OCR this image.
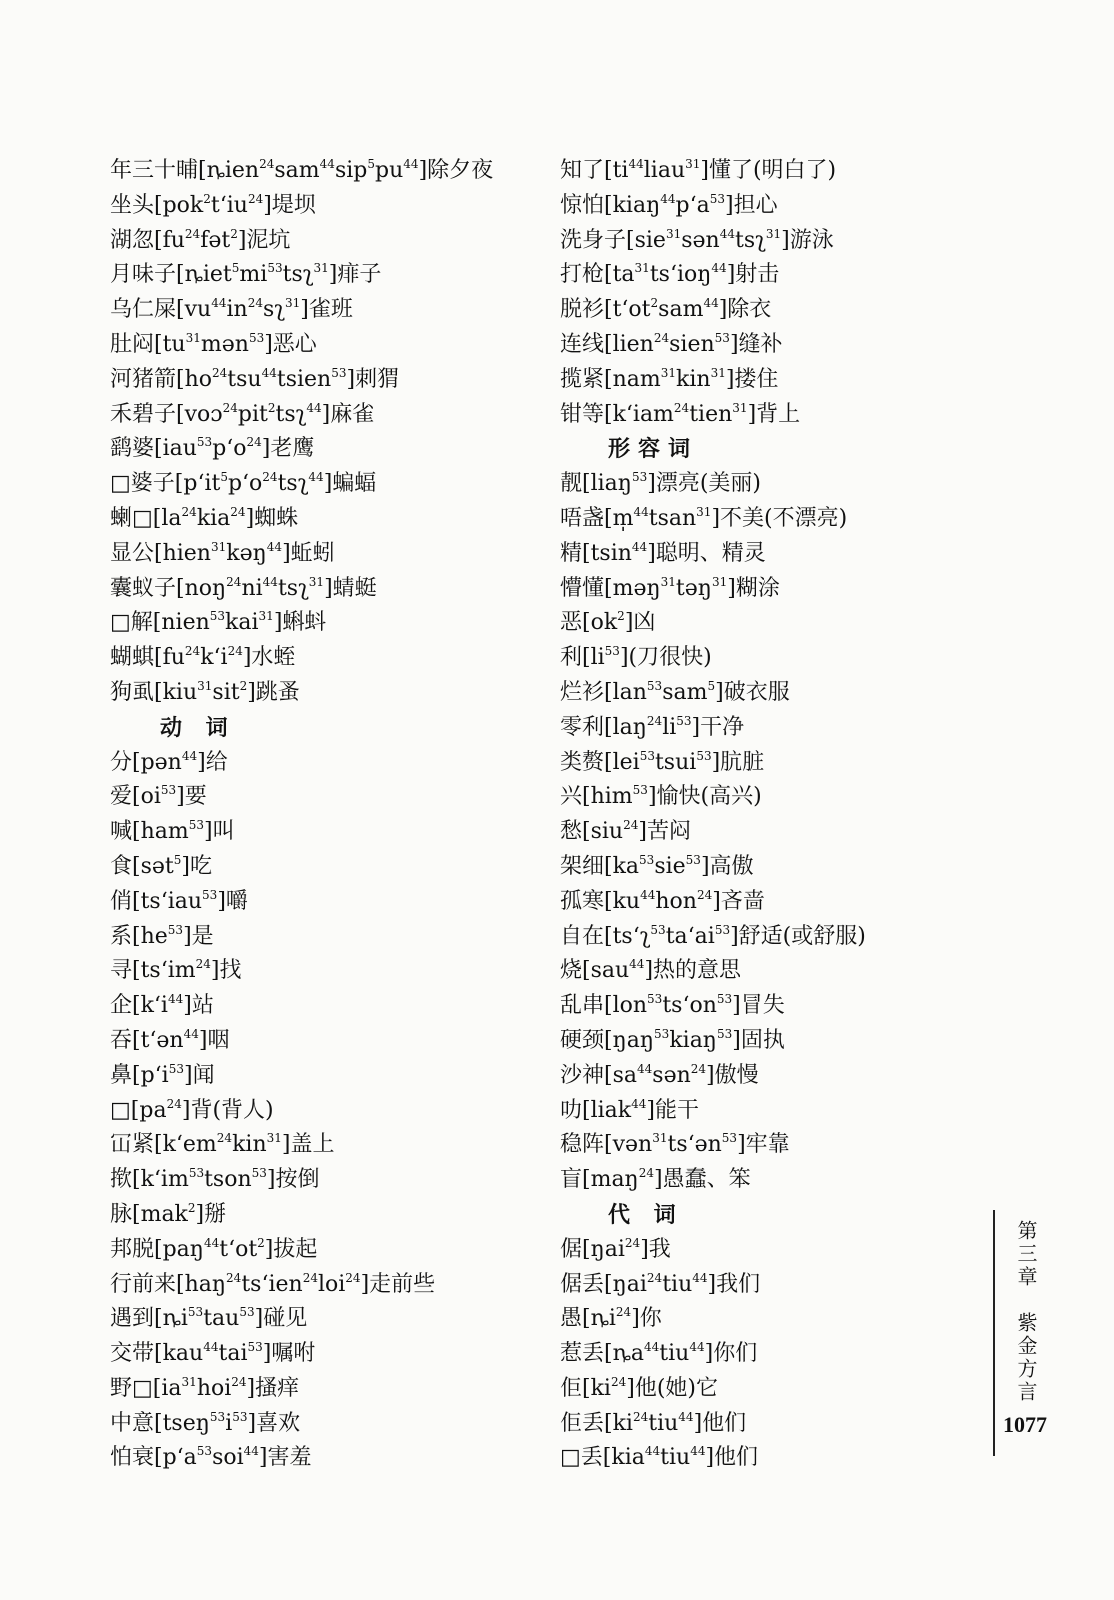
年三十晡$[ȵien^{24}sam^{44}sip^5pu^{44}]$除夕夜
坐头[pok$^2$tʻiu$^{24}$]堤坝
湖忽$[fu^{24}fət^2]$泥坑
月味子$[ȵiet^5mi^{53}tsʅ^{31}]$痱子
乌仁屎$[vu^{44}in^{24}sʅ^{31}]$雀班
肚闷$[tu^{31}mən^{53}]$恶心
河猪箭$[ho^{24}tsu^{44}tsien^{53}]$刺猬
禾碧子[voɔ$^{24}$pit$^2$tsʅ$^{44}$]麻雀
鹞婆[iau$^{53}$pʻo$^{24}$]老鹰
□婆子[pʻit$^5$pʻo$^{24}$tsʅ$^{44}$]蝙蝠
蝲$□[la^{24}kia^{24}]$蜘蛛
显公[hien$^{31}$kəŋ$^{44}$]蚯蚓
囊蚁子$[noŋ^{24}ni^{44}tsʅ^{31}]$蜻蜓
□解[nien$^{53}$kai$^{31}$]蝌蚪
蝴蜞$[fu^{24}kʻi^{24}]$水蛭
狗虱[kiu$^{31}$sit$^2$]跳蚤
动 词
分[pən$^{44}$]给
爱$[oi^{53}]$要
喊[ham$^{53}$]叫
食[sət$^5$]吃
俏[tsʻiau$^{53}$]嚼
系$[he^{53}]$是
寻[tsʻim$^{24}$]找
企[kʻi$^{44}$]站
吞[tʻən$^{44}$]咽
鼻[pʻi$^{53}$]闻
$□[pa^{24}]$背(背人)
冚紧[kʻem$^{24}$kin$^{31}$]盖上
揿[kʻim$^{53}$tson$^{53}$]按倒
脉[mak$^2$]掰
邦脱[paŋ$^{44}$tʻot$^2$]拔起
行前来[haŋ$^{24}$tsʻien$^{24}$loi$^{24}$]走前些
遇到$[ȵi^{53}tau^{53}]$碰见
交带[kau$^{44}$tai$^{53}$]嘱咐
野$□[ia^{31}hoi^{24}]$搔痒
中意$[tseŋ^{53}i^{53}]$喜欢
怕衰[pʻa$^{53}$soi$^{44}$]害羞
知了$[ti^{44}liau^{31}]$懂了(明白了)
惊怕[kiaŋ$^{44}$pʻa$^{53}$]担心
洗身子[sie$^{31}$sən$^{44}$tsʅ$^{31}$]游泳
打枪$[ta^{31}tsʻioŋ^{44}]$射击
脱衫[tʻot$^2$sam$^{44}$]除衣
连线[lien$^{24}$sien$^{53}$]缝补
揽紧[nam$^{31}$kin$^{31}$]搂住
钳等[kʻiam$^{24}$tien$^{31}$]背上
形容词
靓[liaŋ$^{53}$]漂亮(美丽)
唔盏[m̩$^{44}$tsan$^{31}$]不美(不漂亮)
精[tsin$^{44}$]聪明、精灵
懵懂[məŋ$^{31}$təŋ$^{31}$]糊涂
恶$[ok^2]$凶
利$[li^{53}]$(刀很快)
烂衫[lan$^{53}$sam$^5$]破衣服
零利$[laŋ^{24}li^{53}]$干净
类赘[lei$^{53}$tsui$^{53}$]肮脏
兴[him$^{53}$]愉快(高兴)
愁[siu$^{24}$]苦闷
架细$[ka^{53}sie^{53}]$高傲
孤寒$[ku^{44}hon^{24}]$吝啬
自在[tsʻʅ$^{53}$taʻai$^{53}$]舒适(或舒服)
烧[sau$^{44}$]热的意思
乱串[lon$^{53}$tsʻon$^{53}$]冒失
硬颈[ŋaŋ$^{53}$kiaŋ$^{53}$]固执
沙神$[sa^{44}sən^{24}]$傲慢
叻[liak$^{44}$]能干
稳阵[vən$^{31}$tsʻən$^{53}$]牢靠
盲[maŋ$^{24}$]愚蠢、笨
代 词
倨[ŋai$^{24}$]我
倨丢[ŋai$^{24}$tiu$^{44}$]我们
愚$[ȵi^{24}]$你
惹丢$[ȵa^{44}tiu^{44}]$你们
佢$[ki^{24}]$他(她)它
佢丢$[ki^{24}tiu^{44}]$他们
□丢[kia$^{44}$tiu$^{44}$]他们
第三章　紫金方言
1077
